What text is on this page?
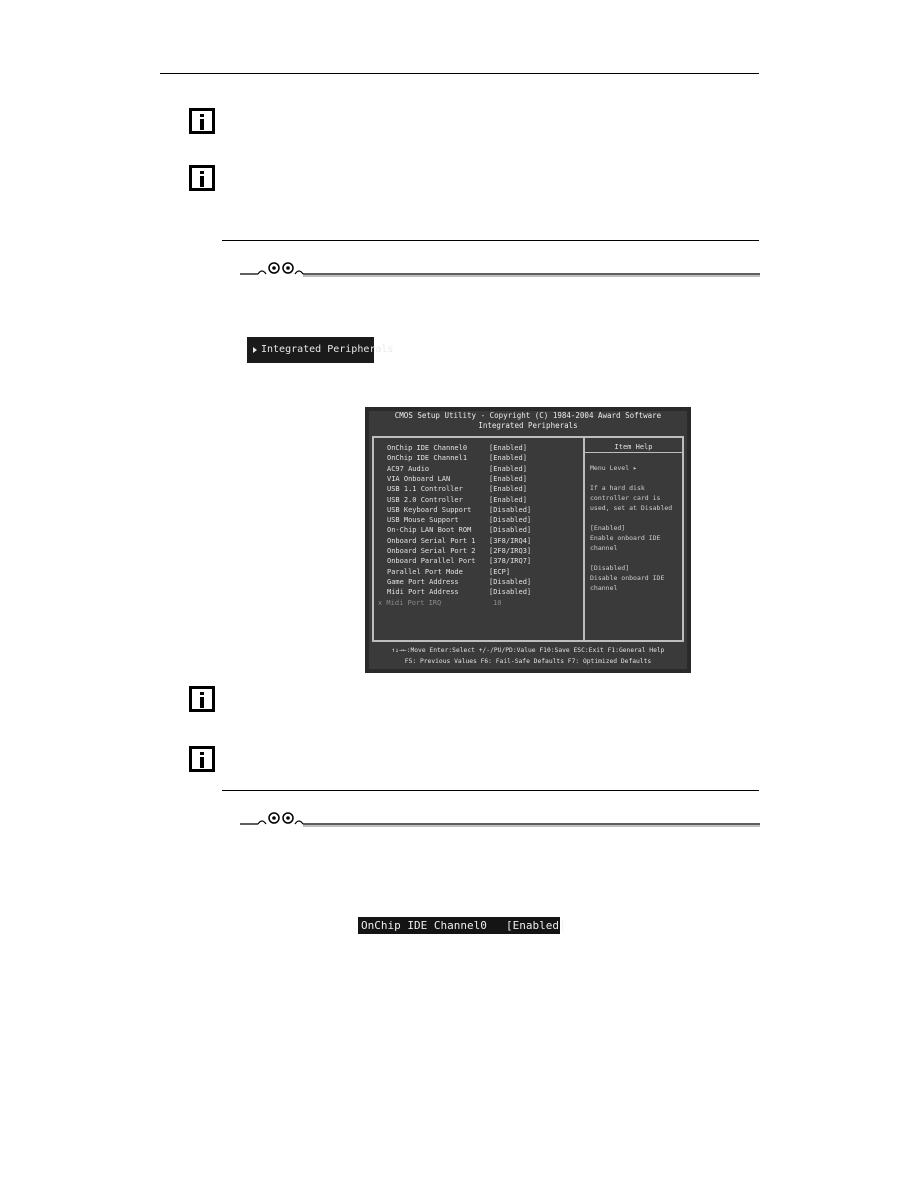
Integrated Peripherals
CMOS Setup Utility - Copyright (C) 1984-2004 Award Software
Integrated Peripherals
OnChip IDE Channel0	[Enabled]
OnChip IDE Channel1	[Enabled]
AC97 Audio	[Enabled]
VIA Onboard LAN	[Enabled]
USB 1.1 Controller	[Enabled]
USB 2.0 Controller	[Enabled]
USB Keyboard Support	[Disabled]
USB Mouse Support	[Disabled]
On-Chip LAN Boot ROM	[Disabled]
Onboard Serial Port 1 [3F8/IRQ4]
Onboard Serial Port 2 [2F8/IRQ3]
Onboard Parallel Port [378/IRQ7]
Parallel Port Mode	[ECP]
Game Port Address	[Disabled]
Midi Port Address	[Disabled]
x Midi Port IRQ	10
Item Help
Menu Level ▸
If a hard disk
controller card is
used, set at Disabled
[Enabled]
Enable onboard IDE
channel
[Disabled]
Disable onboard IDE
channel
↑↓→←:Move Enter:Select +/-/PU/PD:Value F10:Save ESC:Exit F1:General Help
F5: Previous Values F6: Fail-Safe Defaults F7: Optimized Defaults
OnChip IDE Channel0 [Enabled]
